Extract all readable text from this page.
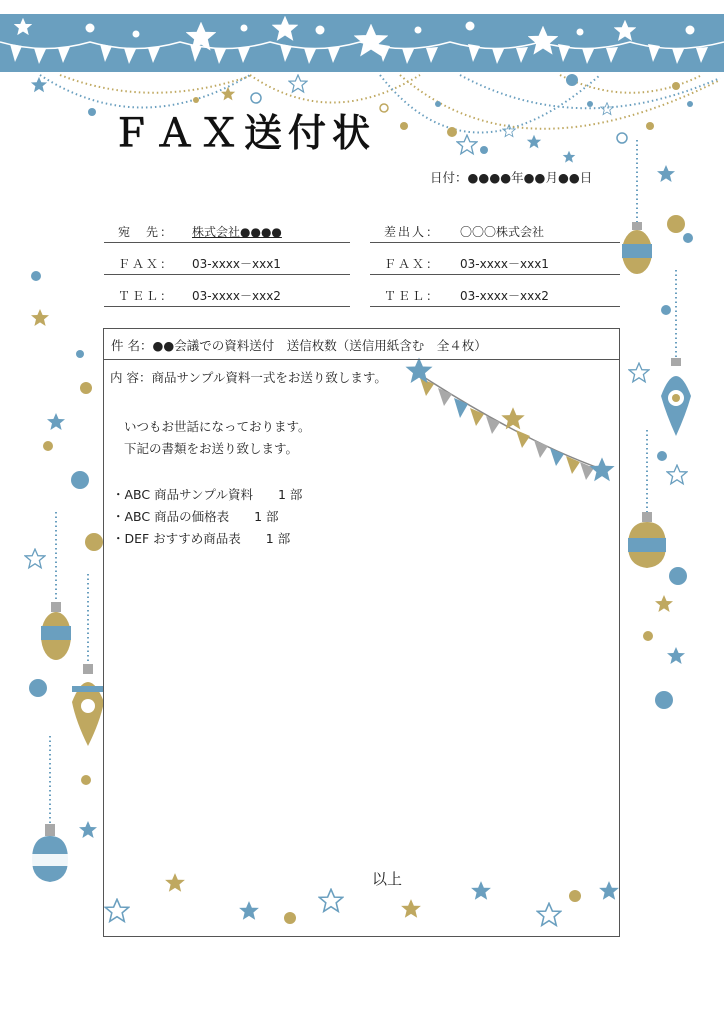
ＦＡＸ送付状
日付：●●●●年●●月●●日
宛　先： 株式会社●●●●
ＦＡＸ： 03-xxxx－xxx1
ＴＥＬ： 03-xxxx－xxx2
差出人： 〇〇〇株式会社
ＦＡＸ： 03-xxxx－xxx1
ＴＥＬ： 03-xxxx－xxx2
件 名：●●会議での資料送付　送信枚数（送信用紙含む　全４枚）
内 容：商品サンプル資料一式をお送り致します。
いつもお世話になっております。
下記の書類をお送り致します。
・ABC 商品サンプル資料　　1 部
・ABC 商品の価格表　　1 部
・DEF おすすめ商品表　　1 部
以上
